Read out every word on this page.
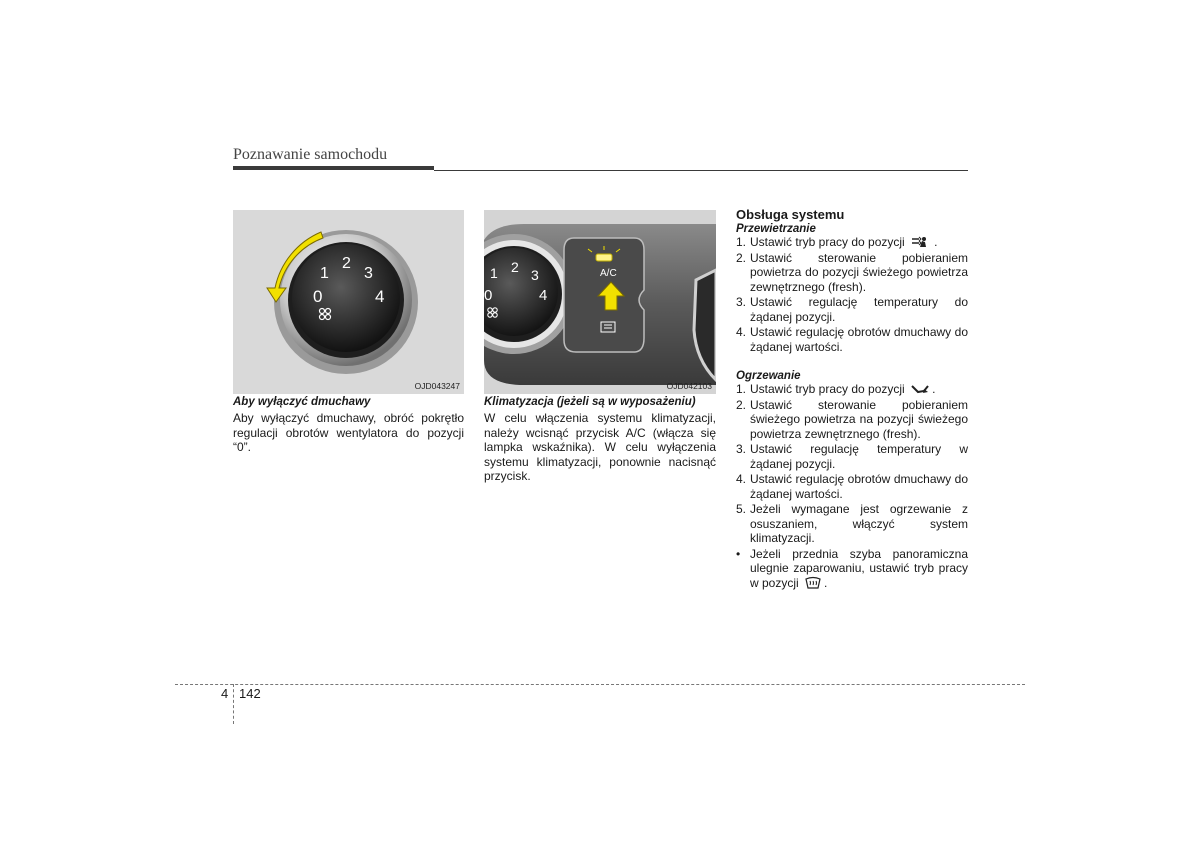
Poznawanie samochodu
0
1
2
3
4
OJD043247
0
1 2 3
4
A/C
OJD042103
Aby wyłączyć dmuchawy
Aby wyłączyć dmuchawy, obróć pokrętło regulacji obrotów wentylatora do pozycji “0”.
Klimatyzacja (jeżeli są w wyposażeniu)
W celu włączenia systemu klimatyzacji, należy wcisnąć przycisk A/C (włącza się lampka wskaźnika). W celu wyłączenia systemu klimatyzacji, ponownie nacisnąć przycisk.
Obsługa systemu
Przewietrzanie
1. Ustawić tryb pracy do pozycji .
2. Ustawić sterowanie pobieraniem powietrza do pozycji świeżego powietrza zewnętrznego (fresh).
3. Ustawić regulację temperatury do żądanej pozycji.
4. Ustawić regulację obrotów dmuchawy do żądanej wartości.
Ogrzewanie
1. Ustawić tryb pracy do pozycji .
2. Ustawić sterowanie pobieraniem świeżego powietrza na pozycji świeżego powietrza zewnętrznego (fresh).
3. Ustawić regulację temperatury w żądanej pozycji.
4. Ustawić regulację obrotów dmuchawy do żądanej wartości.
5. Jeżeli wymagane jest ogrzewanie z osuszaniem, włączyć system klimatyzacji.
• Jeżeli przednia szyba panoramiczna ulegnie zaparowaniu, ustawić tryb pracy w pozycji .
4 142
